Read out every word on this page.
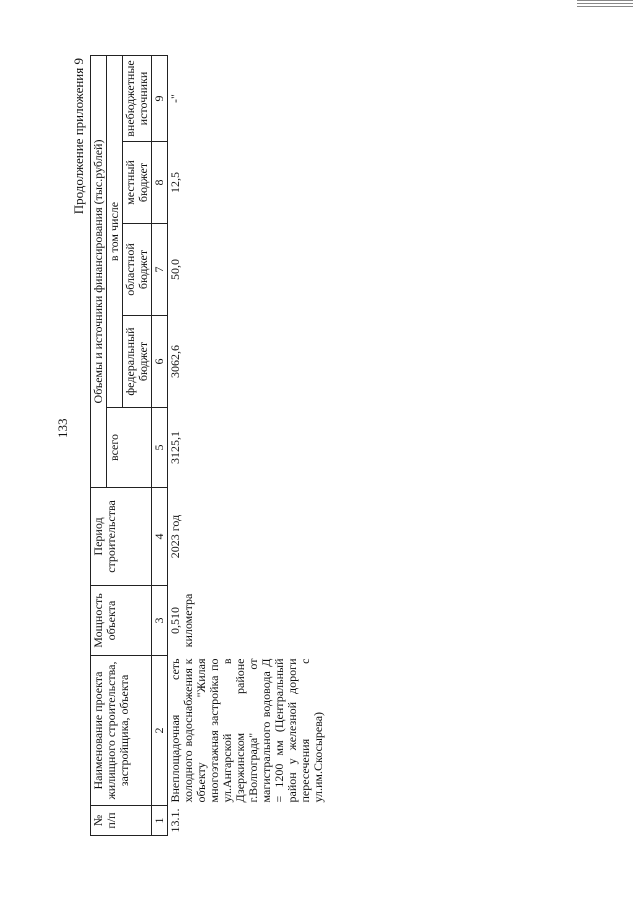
133
Продолжение приложения 9
№ п/п	Наименование проекта жилищного строительства, застройщика, объекта	Мощность объекта	Период строительства	Объемы и источники финансирования (тыс.рублей)				
				всего	в том числе			
					федеральный бюджет	областной бюджет	местный бюджет	внебюджетные источники
1	2	3	4	5	6	7	8	9
13.1.	Внеплощадочная сеть холодного водоснабжения к объекту "Жилая многоэтажная застройка по ул.Ангарской в Дзержинском районе г.Волгограда" от магистрального водовода Д = 1200 мм (Центральный район у железной дороги пересечения с ул.им.Скосырева)	0,510 километра	2023 год	3125,1	3062,6	50,0	12,5	-"
